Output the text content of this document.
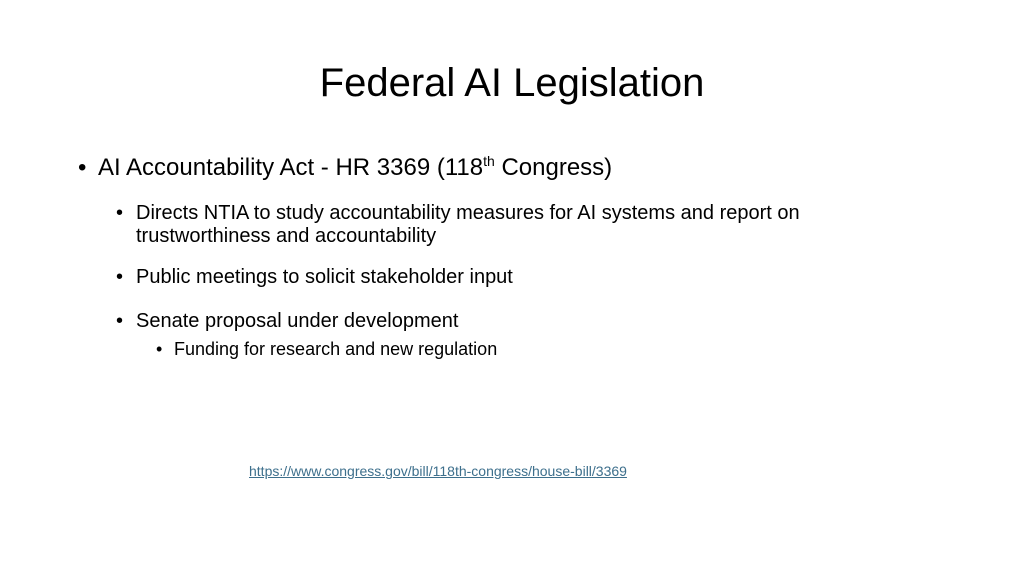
Federal AI Legislation
• AI Accountability Act - HR 3369 (118th Congress)
• Directs NTIA to study accountability measures for AI systems and report on trustworthiness and accountability
• Public meetings to solicit stakeholder input
• Senate proposal under development
• Funding for research and new regulation
https://www.congress.gov/bill/118th-congress/house-bill/3369
